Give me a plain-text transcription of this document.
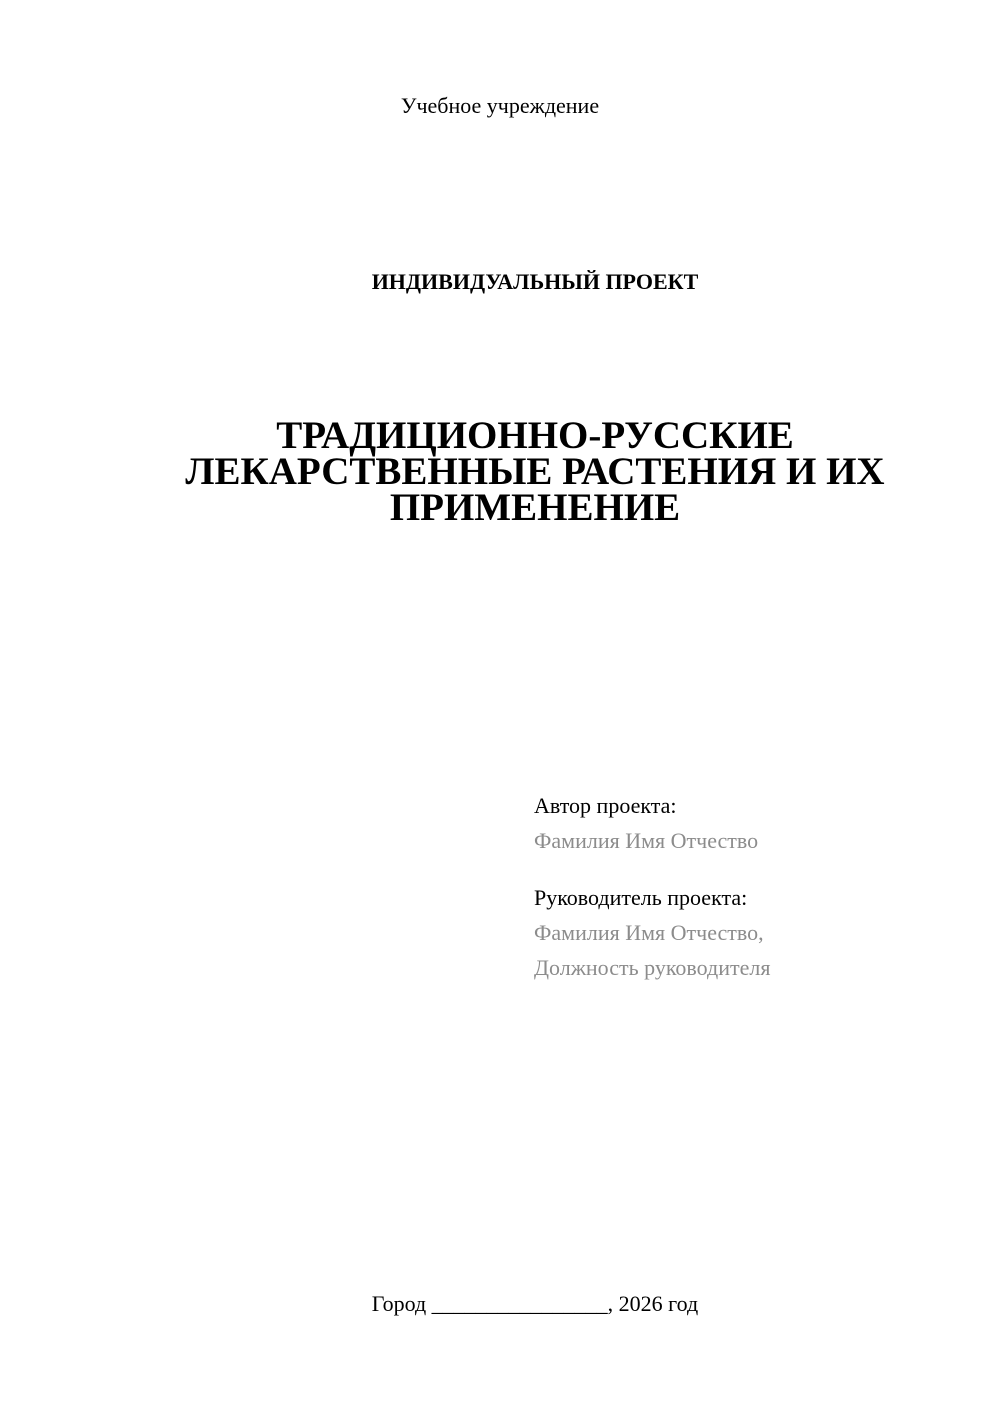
Учебное учреждение
ИНДИВИДУАЛЬНЫЙ ПРОЕКТ
ТРАДИЦИОННО-РУССКИЕ
ЛЕКАРСТВЕННЫЕ РАСТЕНИЯ И ИХ
ПРИМЕНЕНИЕ
Автор проекта:
Фамилия Имя Отчество
Руководитель проекта:
Фамилия Имя Отчество,
Должность руководителя
Город ________________, 2026 год
